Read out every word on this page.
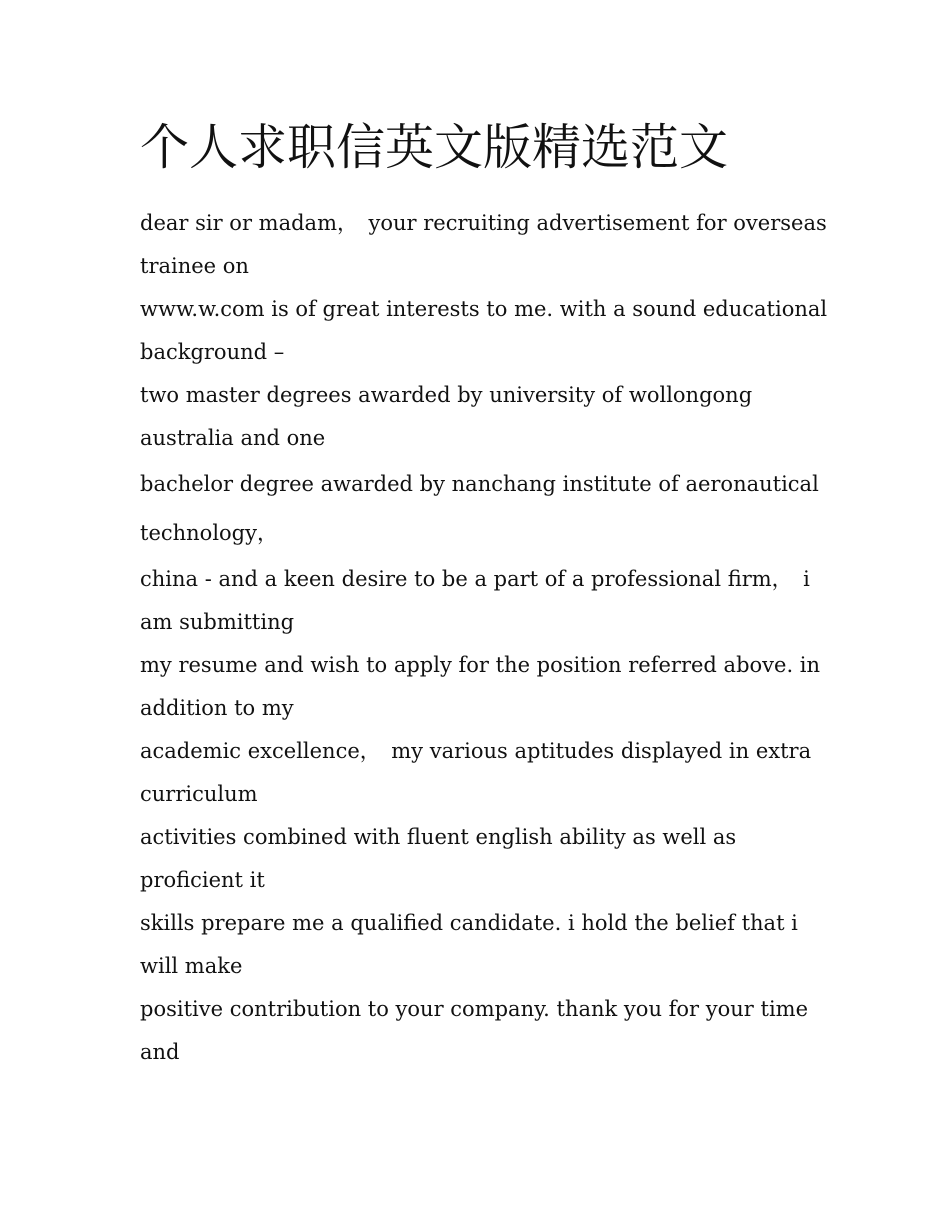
个人求职信英文版精选范文

dear sir or madam，　your recruiting advertisement for overseas trainee on

www.w.com is of great interests to me. with a sound educational background –

two master degrees awarded by university of wollongong australia and one

bachelor degree awarded by nanchang institute of aeronautical technology，

china - and a keen desire to be a part of a professional firm，　i am submitting

my resume and wish to apply for the position referred above. in addition to my

academic excellence，　my various aptitudes displayed in extra curriculum

activities combined with fluent english ability as well as proficient it

skills prepare me a qualified candidate. i hold the belief that i will make

positive contribution to your company. thank you for your time and
